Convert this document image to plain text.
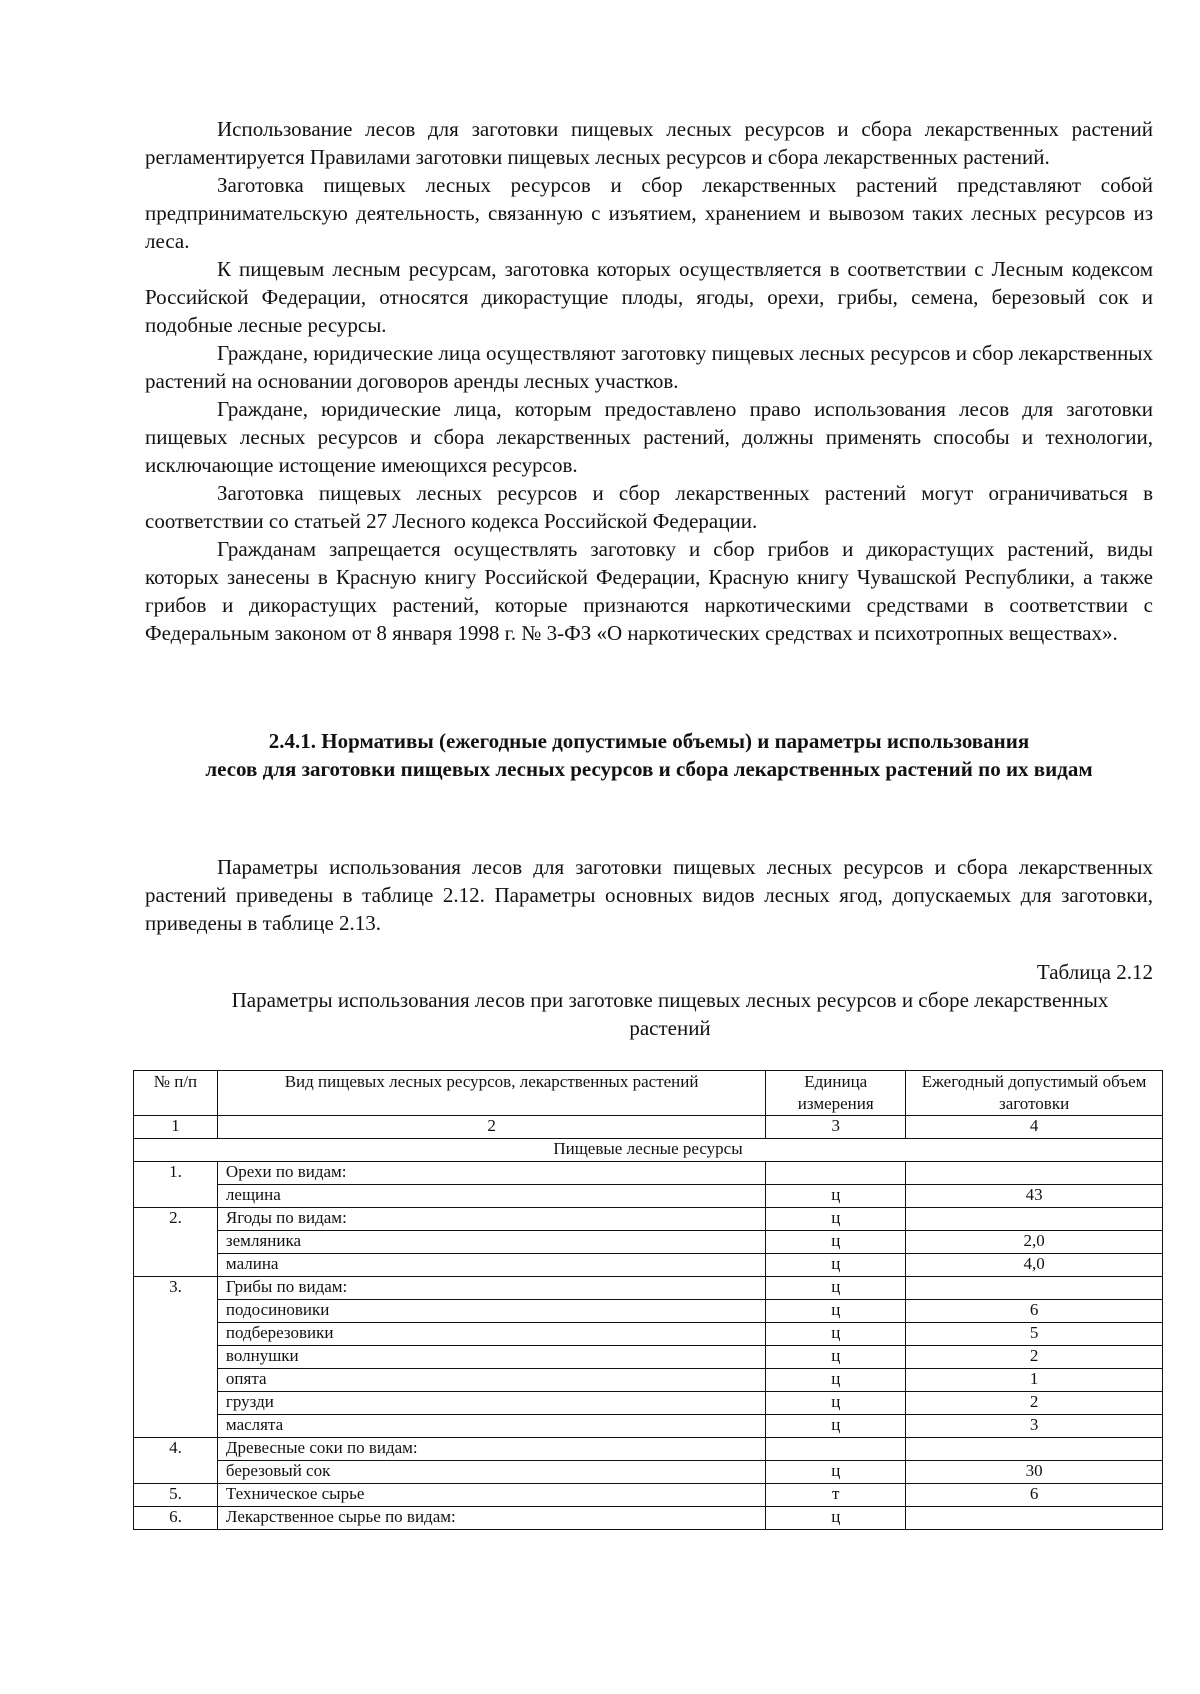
Использование лесов для заготовки пищевых лесных ресурсов и сбора лекарственных растений регламентируется Правилами заготовки пищевых лесных ресурсов и сбора лекарственных растений.

Заготовка пищевых лесных ресурсов и сбор лекарственных растений представляют собой предпринимательскую деятельность, связанную с изъятием, хранением и вывозом таких лесных ресурсов из леса.

К пищевым лесным ресурсам, заготовка которых осуществляется в соответствии с Лесным кодексом Российской Федерации, относятся дикорастущие плоды, ягоды, орехи, грибы, семена, березовый сок и подобные лесные ресурсы.

Граждане, юридические лица осуществляют заготовку пищевых лесных ресурсов и сбор лекарственных растений на основании договоров аренды лесных участков.

Граждане, юридические лица, которым предоставлено право использования лесов для заготовки пищевых лесных ресурсов и сбора лекарственных растений, должны применять способы и технологии, исключающие истощение имеющихся ресурсов.

Заготовка пищевых лесных ресурсов и сбор лекарственных растений могут ограничиваться в соответствии со статьей 27 Лесного кодекса Российской Федерации.

Гражданам запрещается осуществлять заготовку и сбор грибов и дикорастущих растений, виды которых занесены в Красную книгу Российской Федерации, Красную книгу Чувашской Республики, а также грибов и дикорастущих растений, которые признаются наркотическими средствами в соответствии с Федеральным законом от 8 января 1998 г. № 3-ФЗ «О наркотических средствах и психотропных веществах».

2.4.1. Нормативы (ежегодные допустимые объемы) и параметры использования
лесов для заготовки пищевых лесных ресурсов и сбора лекарственных растений по их видам

Параметры использования лесов для заготовки пищевых лесных ресурсов и сбора лекарственных растений приведены в таблице 2.12. Параметры основных видов лесных ягод, допускаемых для заготовки, приведены в таблице 2.13.

Таблица 2.12

Параметры использования лесов при заготовке пищевых лесных ресурсов и сборе лекарственных растений

№ п/п	Вид пищевых лесных ресурсов, лекарственных растений	Единица измерения	Ежегодный допустимый объем заготовки
1	2	3	4
Пищевые лесные ресурсы			
1.	Орехи по видам:		
	лещина	ц	43
2.	Ягоды по видам:	ц	
	земляника	ц	2,0
	малина	ц	4,0
3.	Грибы по видам:	ц	
	подосиновики	ц	6
	подберезовики	ц	5
	волнушки	ц	2
	опята	ц	1
	грузди	ц	2
	маслята	ц	3
4.	Древесные соки по видам:		
	березовый сок	ц	30
5.	Техническое сырье	т	6
6.	Лекарственное сырье по видам:	ц	
